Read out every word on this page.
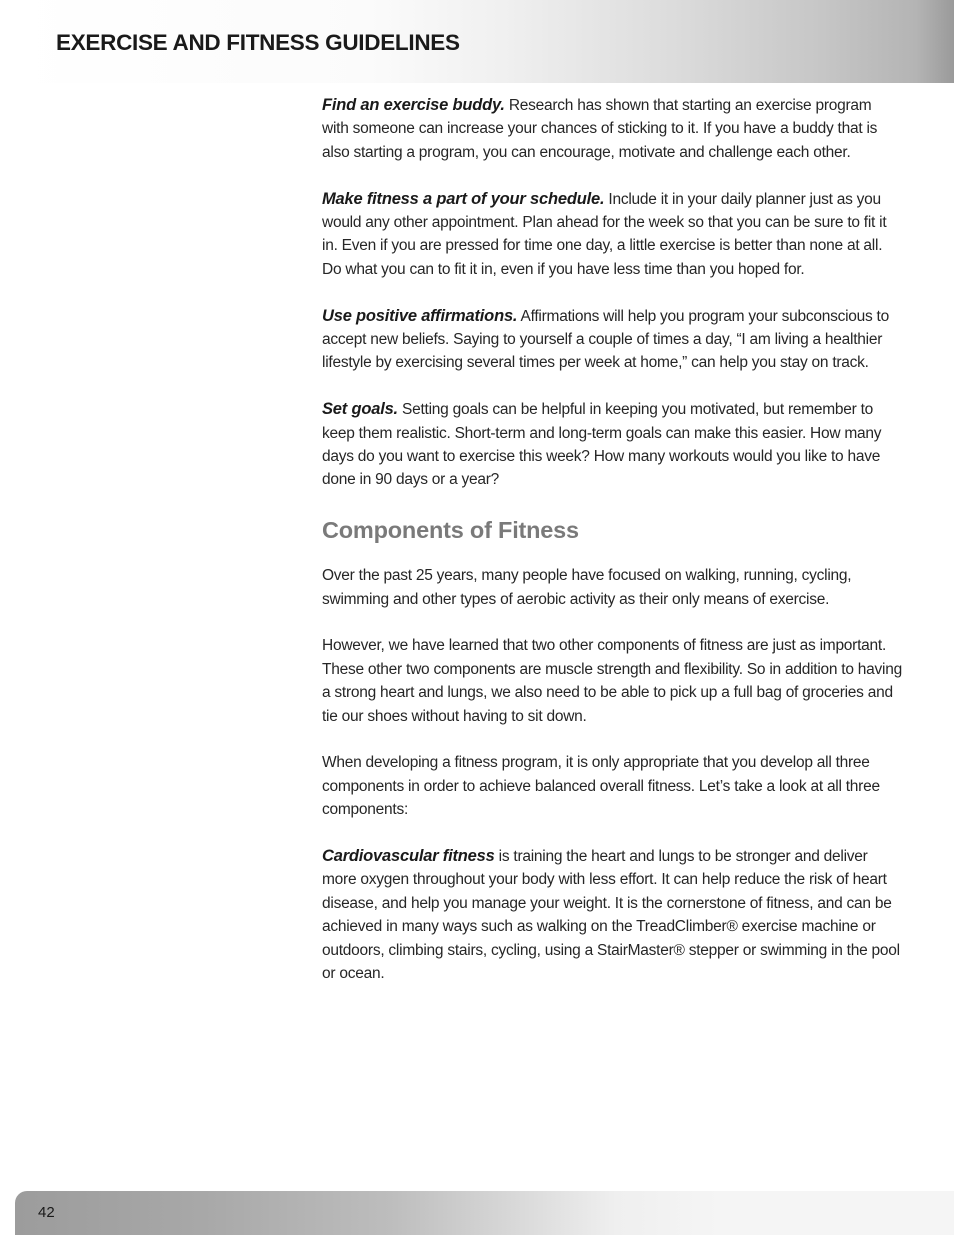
EXERCISE AND FITNESS GUIDELINES

Find an exercise buddy. Research has shown that starting an exercise program with someone can increase your chances of sticking to it. If you have a buddy that is also starting a program, you can encourage, motivate and challenge each other.

Make fitness a part of your schedule. Include it in your daily planner just as you would any other appointment. Plan ahead for the week so that you can be sure to fit it in. Even if you are pressed for time one day, a little exercise is better than none at all. Do what you can to fit it in, even if you have less time than you hoped for.

Use positive affirmations. Affirmations will help you program your subconscious to accept new beliefs. Saying to yourself a couple of times a day, “I am living a healthier lifestyle by exercising several times per week at home,” can help you stay on track.

Set goals. Setting goals can be helpful in keeping you motivated, but remember to keep them realistic. Short-term and long-term goals can make this easier. How many days do you want to exercise this week? How many workouts would you like to have done in 90 days or a year?

Components of Fitness

Over the past 25 years, many people have focused on walking, running, cycling, swimming and other types of aerobic activity as their only means of exercise.

However, we have learned that two other components of fitness are just as important. These other two components are muscle strength and flexibility. So in addition to having a strong heart and lungs, we also need to be able to pick up a full bag of groceries and tie our shoes without having to sit down.

When developing a fitness program, it is only appropriate that you develop all three components in order to achieve balanced overall fitness. Let’s take a look at all three components:

Cardiovascular fitness is training the heart and lungs to be stronger and deliver more oxygen throughout your body with less effort. It can help reduce the risk of heart disease, and help you manage your weight. It is the cornerstone of fitness, and can be achieved in many ways such as walking on the TreadClimber® exercise machine or outdoors, climbing stairs, cycling, using a StairMaster® stepper or swimming in the pool or ocean.

42
